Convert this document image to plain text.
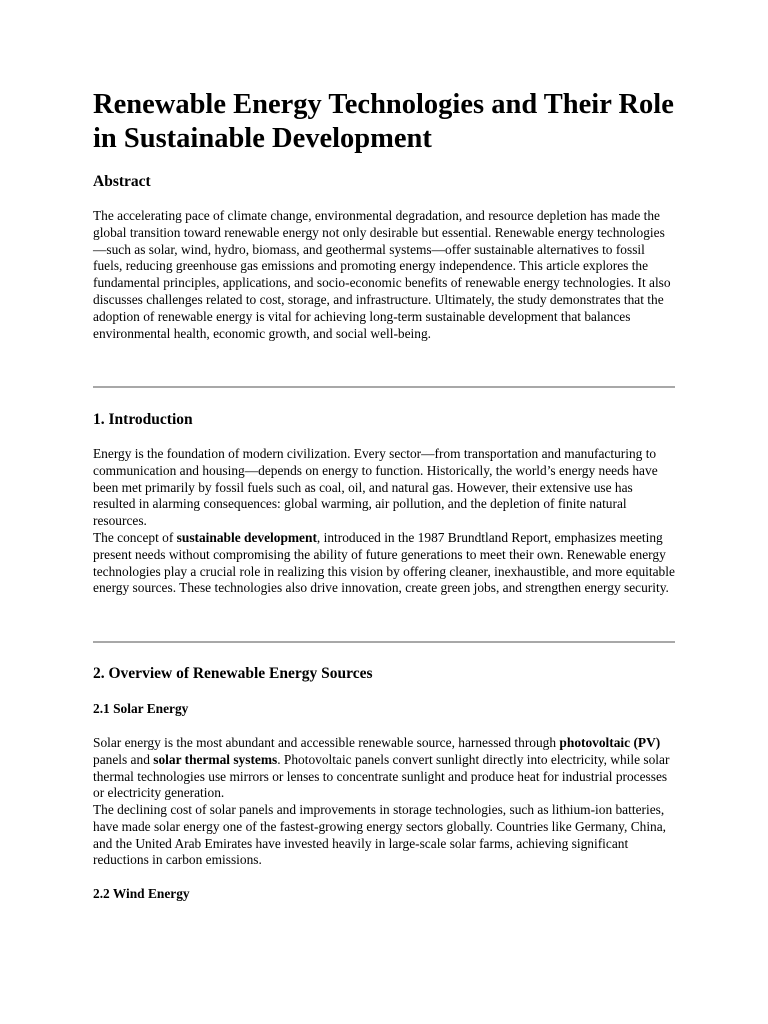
Renewable Energy Technologies and Their Role in Sustainable Development
Abstract

The accelerating pace of climate change, environmental degradation, and resource depletion has made the global transition toward renewable energy not only desirable but essential. Renewable energy technologies—such as solar, wind, hydro, biomass, and geothermal systems—offer sustainable alternatives to fossil fuels, reducing greenhouse gas emissions and promoting energy independence. This article explores the fundamental principles, applications, and socio-economic benefits of renewable energy technologies. It also discusses challenges related to cost, storage, and infrastructure. Ultimately, the study demonstrates that the adoption of renewable energy is vital for achieving long-term sustainable development that balances environmental health, economic growth, and social well-being.

1. Introduction

Energy is the foundation of modern civilization. Every sector—from transportation and manufacturing to communication and housing—depends on energy to function. Historically, the world’s energy needs have been met primarily by fossil fuels such as coal, oil, and natural gas. However, their extensive use has resulted in alarming consequences: global warming, air pollution, and the depletion of finite natural resources.

The concept of sustainable development, introduced in the 1987 Brundtland Report, emphasizes meeting present needs without compromising the ability of future generations to meet their own. Renewable energy technologies play a crucial role in realizing this vision by offering cleaner, inexhaustible, and more equitable energy sources. These technologies also drive innovation, create green jobs, and strengthen energy security.

2. Overview of Renewable Energy Sources
2.1 Solar Energy

Solar energy is the most abundant and accessible renewable source, harnessed through photovoltaic (PV) panels and solar thermal systems. Photovoltaic panels convert sunlight directly into electricity, while solar thermal technologies use mirrors or lenses to concentrate sunlight and produce heat for industrial processes or electricity generation.

The declining cost of solar panels and improvements in storage technologies, such as lithium-ion batteries, have made solar energy one of the fastest-growing energy sectors globally. Countries like Germany, China, and the United Arab Emirates have invested heavily in large-scale solar farms, achieving significant reductions in carbon emissions.

2.2 Wind Energy
